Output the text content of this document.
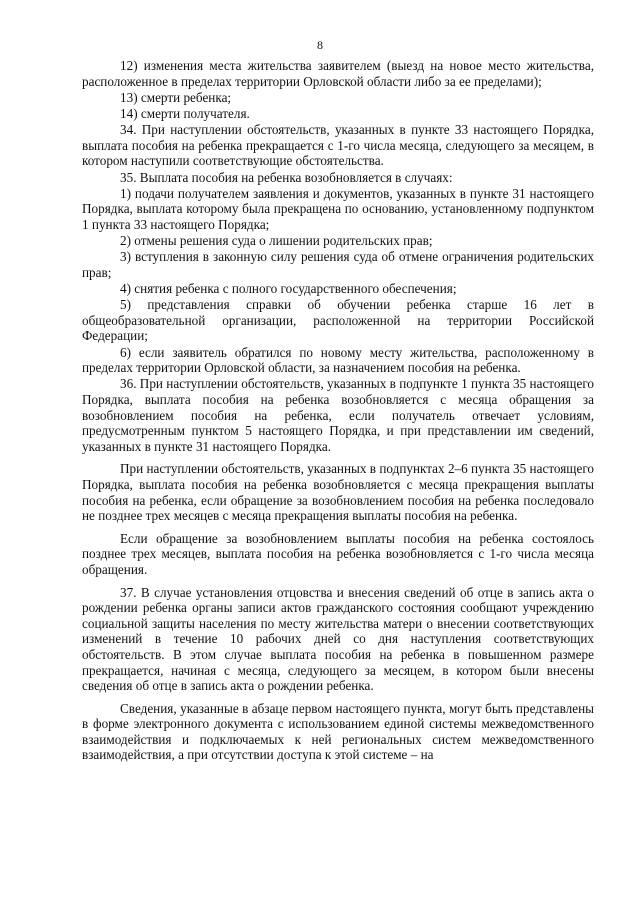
8

12) изменения места жительства заявителем (выезд на новое место жительства, расположенное в пределах территории Орловской области либо за ее пределами);

13) смерти ребенка;

14) смерти получателя.

34. При наступлении обстоятельств, указанных в пункте 33 настоящего Порядка, выплата пособия на ребенка прекращается с 1-го числа месяца, следующего за месяцем, в котором наступили соответствующие обстоятельства.

35. Выплата пособия на ребенка возобновляется в случаях:

1) подачи получателем заявления и документов, указанных в пункте 31 настоящего Порядка, выплата которому была прекращена по основанию, установленному подпунктом 1 пункта 33 настоящего Порядка;

2) отмены решения суда о лишении родительских прав;

3) вступления в законную силу решения суда об отмене ограничения родительских прав;

4) снятия ребенка с полного государственного обеспечения;

5) представления справки об обучении ребенка старше 16 лет в общеобразовательной организации, расположенной на территории Российской Федерации;

6) если заявитель обратился по новому месту жительства, расположенному в пределах территории Орловской области, за назначением пособия на ребенка.

36. При наступлении обстоятельств, указанных в подпункте 1 пункта 35 настоящего Порядка, выплата пособия на ребенка возобновляется с месяца обращения за возобновлением пособия на ребенка, если получатель отвечает условиям, предусмотренным пунктом 5 настоящего Порядка, и при представлении им сведений, указанных в пункте 31 настоящего Порядка.

При наступлении обстоятельств, указанных в подпунктах 2–6 пункта 35 настоящего Порядка, выплата пособия на ребенка возобновляется с месяца прекращения выплаты пособия на ребенка, если обращение за возобновлением пособия на ребенка последовало не позднее трех месяцев с месяца прекращения выплаты пособия на ребенка.

Если обращение за возобновлением выплаты пособия на ребенка состоялось позднее трех месяцев, выплата пособия на ребенка возобновляется с 1-го числа месяца обращения.

37. В случае установления отцовства и внесения сведений об отце в запись акта о рождении ребенка органы записи актов гражданского состояния сообщают учреждению социальной защиты населения по месту жительства матери о внесении соответствующих изменений в течение 10 рабочих дней со дня наступления соответствующих обстоятельств. В этом случае выплата пособия на ребенка в повышенном размере прекращается, начиная с месяца, следующего за месяцем, в котором были внесены сведения об отце в запись акта о рождении ребенка.

Сведения, указанные в абзаце первом настоящего пункта, могут быть представлены в форме электронного документа с использованием единой системы межведомственного взаимодействия и подключаемых к ней региональных систем межведомственного взаимодействия, а при отсутствии доступа к этой системе – на
